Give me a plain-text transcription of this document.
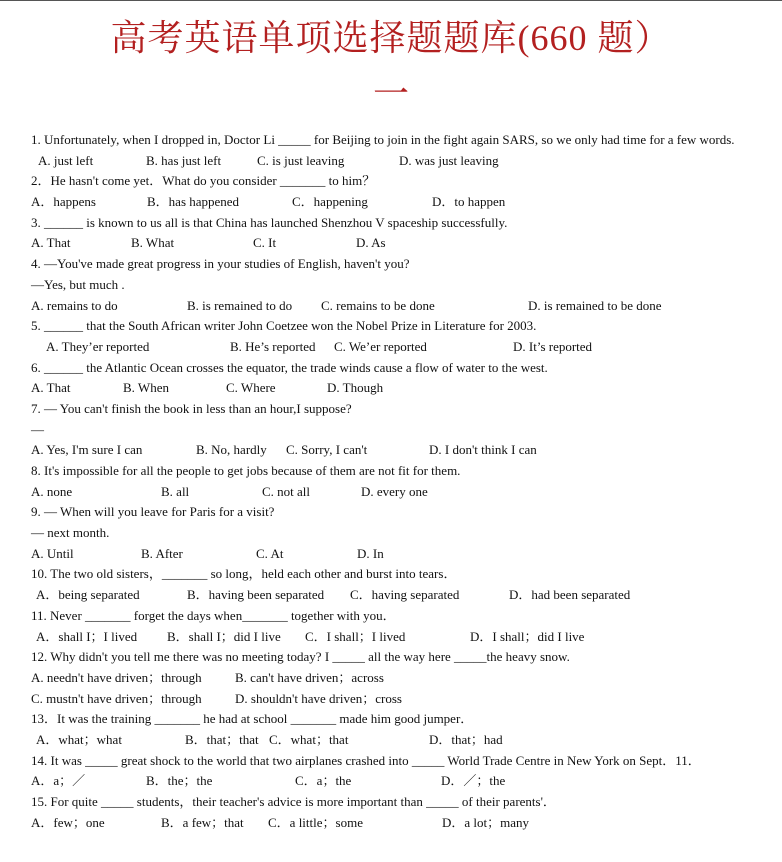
高考英语单项选择题题库(660 题）
一
1. Unfortunately, when I dropped in, Doctor Li _____ for Beijing to join in the fight again SARS, so we only had time for a few words.
A. just left	B. has just left	C. is just leaving	D. was just leaving
2．He hasn't come yet．What do you consider _______ to him？
A．happens	B．has happened	C．happening	D．to happen
3. ______ is known to us all is that China has launched Shenzhou V spaceship successfully.
A. That	B. What	C. It	D. As
4. —You've made great progress in your studies of English, haven't you?
—Yes, but much .
A. remains to do	B. is remained to do C. remains to be done	D. is remained to be done
5. ______ that the South African writer John Coetzee won the Nobel Prize in Literature for 2003.
A. They’er reported	B. He’s reported C. We’er reported	D. It’s reported
6. ______ the Atlantic Ocean crosses the equator, the trade winds cause a flow of water to the west.
A. That	B. When	C. Where	D. Though
7. — You can't finish the book in less than an hour,I suppose?
—
A. Yes, I'm sure I can	B. No, hardly C. Sorry, I can't	D. I don't think I can
8. It's impossible for all the people to get jobs because of them are not fit for them.
A. none	B. all	C. not all	D. every one
9. — When will you leave for Paris for a visit?
— next month.
A. Until	B. After	C. At	D. In
10. The two old sisters，_______ so long，held each other and burst into tears．
A．being separated	B．having been separated C．having separated	D．had been separated
11. Never _______ forget the days when_______ together with you．
A．shall I；I lived B．shall I；did I live C．I shall；I lived	D．I shall；did I live
12. Why didn't you tell me there was no meeting today? I _____ all the way here _____the heavy snow.
A. needn't have driven；through	B. can't have driven；across
C. mustn't have driven；through	D. shouldn't have driven；cross
13．It was the training _______ he had at school _______ made him good jumper．
A．what；what	B．that；that C．what；that	D．that；had
14. It was _____ great shock to the world that two airplanes crashed into _____ World Trade Centre in New York on Sept．11．
A．a；／	B．the；the	C．a；the	D．／；the
15. For quite _____ students，their teacher's advice is more important than _____ of their parents'．
A．few；one	B．a few；that C．a little；some	D．a lot；many
